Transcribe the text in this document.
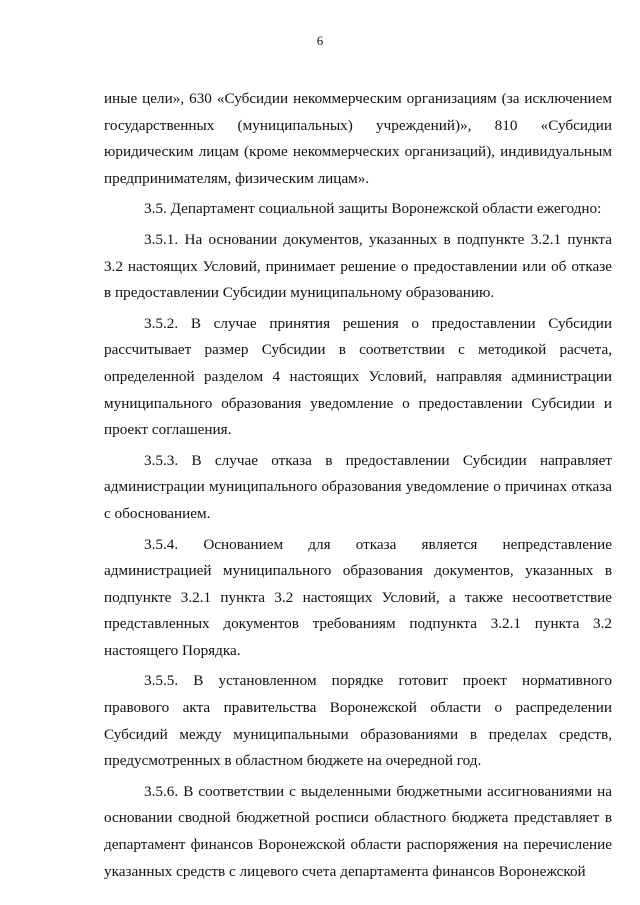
6

иные цели», 630 «Субсидии некоммерческим организациям (за исключением государственных (муниципальных) учреждений)», 810 «Субсидии юридическим лицам (кроме некоммерческих организаций), индивидуальным предпринимателям, физическим лицам».

3.5. Департамент социальной защиты Воронежской области ежегодно:

3.5.1. На основании документов, указанных в подпункте 3.2.1 пункта 3.2 настоящих Условий, принимает решение о предоставлении или об отказе в предоставлении Субсидии муниципальному образованию.

3.5.2. В случае принятия решения о предоставлении Субсидии рассчитывает размер Субсидии в соответствии с методикой расчета, определенной разделом 4 настоящих Условий, направляя администрации муниципального образования уведомление о предоставлении Субсидии и проект соглашения.

3.5.3. В случае отказа в предоставлении Субсидии направляет администрации муниципального образования уведомление о причинах отказа с обоснованием.

3.5.4. Основанием для отказа является непредставление администрацией муниципального образования документов, указанных в подпункте 3.2.1 пункта 3.2 настоящих Условий, а также несоответствие представленных документов требованиям подпункта 3.2.1 пункта 3.2 настоящего Порядка.

3.5.5. В установленном порядке готовит проект нормативного правового акта правительства Воронежской области о распределении Субсидий между муниципальными образованиями в пределах средств, предусмотренных в областном бюджете на очередной год.

3.5.6. В соответствии с выделенными бюджетными ассигнованиями на основании сводной бюджетной росписи областного бюджета представляет в департамент финансов Воронежской области распоряжения на перечисление указанных средств с лицевого счета департамента финансов Воронежской
